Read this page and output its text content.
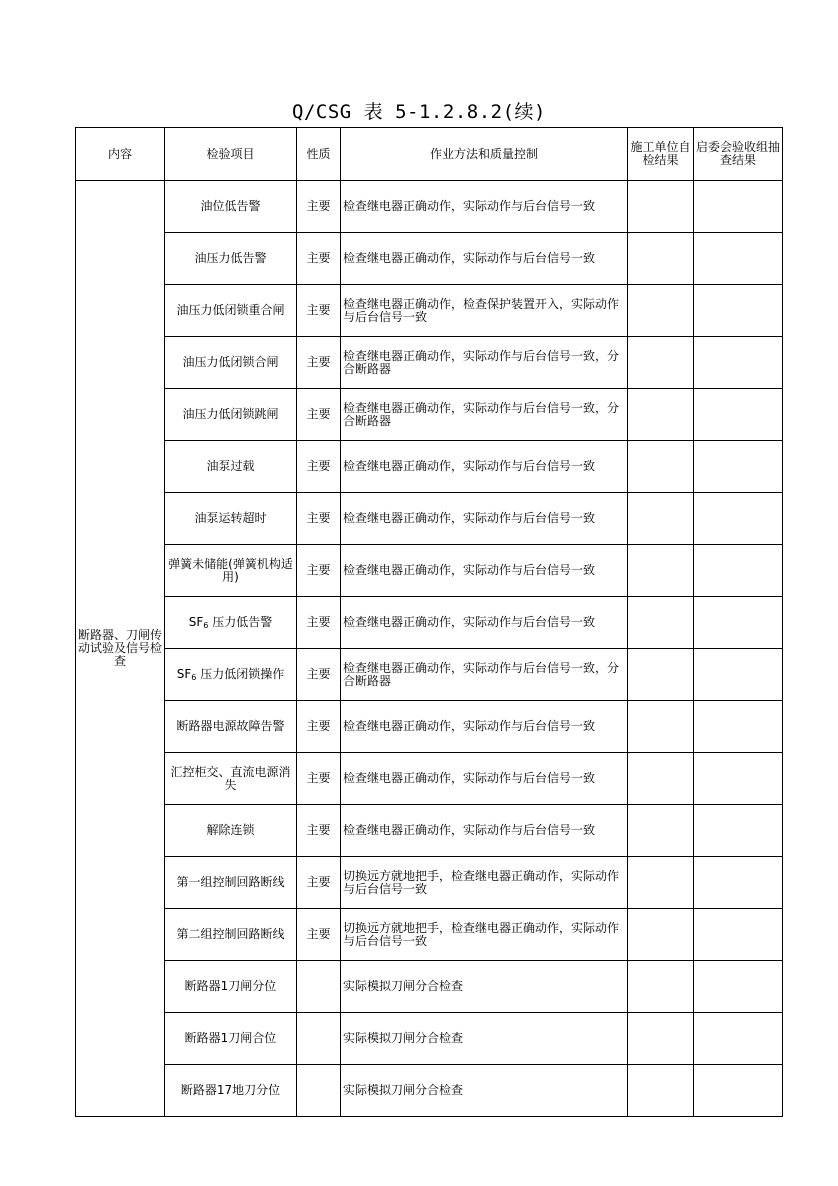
Q/CSG 表 5-1.2.8.2(续)
内容	检验项目	性质	作业方法和质量控制	施工单位自检结果	启委会验收组抽查结果

断路器、刀闸传动试验及信号检查	油位低告警	主要	检查继电器正确动作，实际动作与后台信号一致		

	油压力低告警	主要	检查继电器正确动作，实际动作与后台信号一致		

	油压力低闭锁重合闸	主要	检查继电器正确动作，检查保护装置开入，实际动作与后台信号一致		

	油压力低闭锁合闸	主要	检查继电器正确动作，实际动作与后台信号一致，分合断路器		

	油压力低闭锁跳闸	主要	检查继电器正确动作，实际动作与后台信号一致，分合断路器		

	油泵过载	主要	检查继电器正确动作，实际动作与后台信号一致		

	油泵运转超时	主要	检查继电器正确动作，实际动作与后台信号一致		

	弹簧未储能(弹簧机构适用)	主要	检查继电器正确动作，实际动作与后台信号一致		

	SF6 压力低告警	主要	检查继电器正确动作，实际动作与后台信号一致		

	SF6 压力低闭锁操作	主要	检查继电器正确动作，实际动作与后台信号一致，分合断路器		

	断路器电源故障告警	主要	检查继电器正确动作，实际动作与后台信号一致		

	汇控柜交、直流电源消失	主要	检查继电器正确动作，实际动作与后台信号一致		

	解除连锁	主要	检查继电器正确动作，实际动作与后台信号一致		

	第一组控制回路断线	主要	切换远方就地把手，检查继电器正确动作，实际动作与后台信号一致		

	第二组控制回路断线	主要	切换远方就地把手，检查继电器正确动作，实际动作与后台信号一致		

	断路器1刀闸分位		实际模拟刀闸分合检查		

	断路器1刀闸合位		实际模拟刀闸分合检查		

	断路器17地刀分位		实际模拟刀闸分合检查		
